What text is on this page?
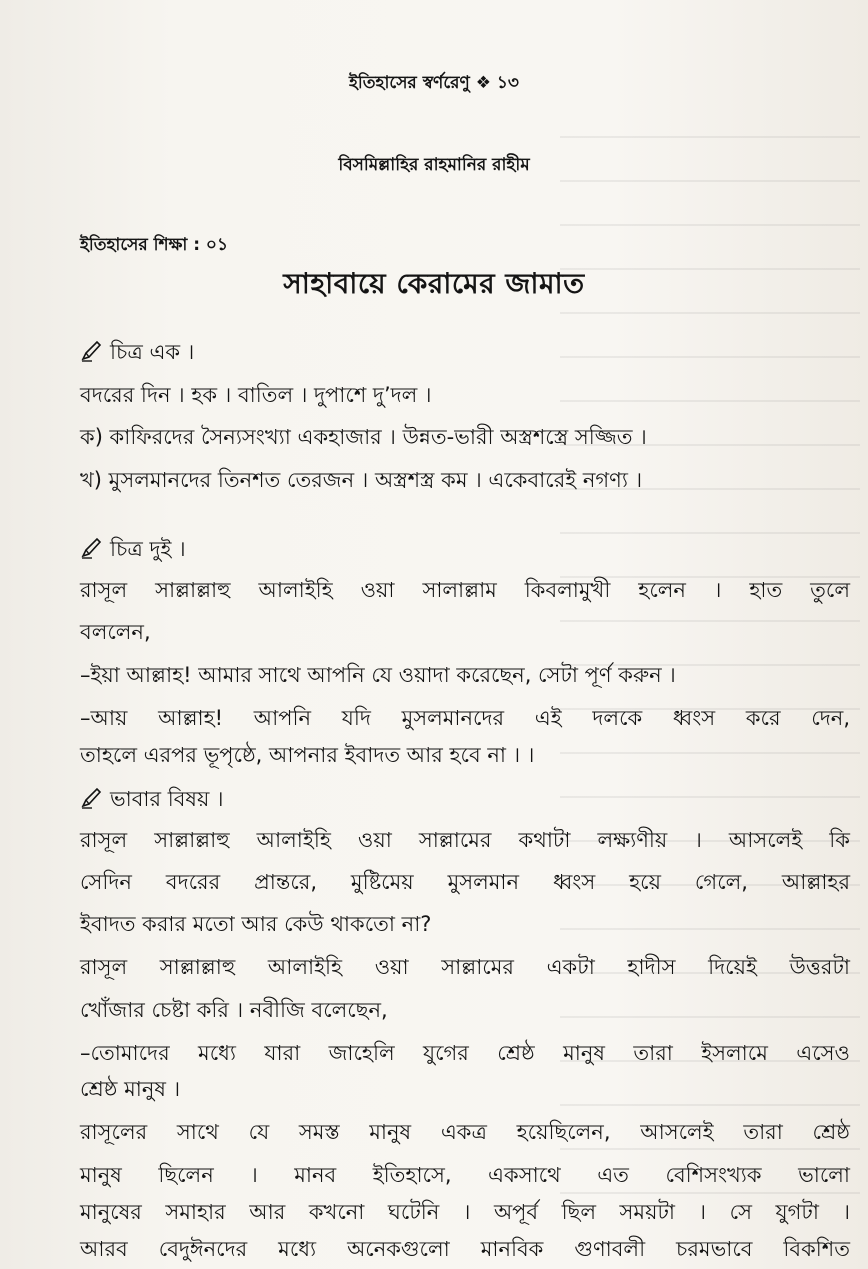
ইতিহাসের স্বর্ণরেণু ❖ ১৩
বিসমিল্লাহির রাহমানির রাহীম
ইতিহাসের শিক্ষা : ০১
সাহাবায়ে কেরামের জামাত
চিত্র এক ।
বদরের দিন । হক । বাতিল । দুপাশে দু’দল ।
ক) কাফিরদের সৈন্যসংখ্যা একহাজার । উন্নত-ভারী অস্ত্রশস্ত্রে সজ্জিত ।
খ) মুসলমানদের তিনশত তেরজন । অস্ত্রশস্ত্র কম । একেবারেই নগণ্য ।
চিত্র দুই ।
রাসূল সাল্লাল্লাহু আলাইহি ওয়া সালাল্লাম কিবলামুখী হলেন । হাত তুলে
বললেন,
–ইয়া আল্লাহ! আমার সাথে আপনি যে ওয়াদা করেছেন, সেটা পূর্ণ করুন ।
–আয় আল্লাহ! আপনি যদি মুসলমানদের এই দলকে ধ্বংস করে দেন,
তাহলে এরপর ভূপৃষ্ঠে, আপনার ইবাদত আর হবে না । ।
ভাবার বিষয় ।
রাসূল সাল্লাল্লাহু আলাইহি ওয়া সাল্লামের কথাটা লক্ষ্যণীয় । আসলেই কি
সেদিন বদরের প্রান্তরে, মুষ্টিমেয় মুসলমান ধ্বংস হয়ে গেলে, আল্লাহর
ইবাদত করার মতো আর কেউ থাকতো না?
রাসূল সাল্লাল্লাহু আলাইহি ওয়া সাল্লামের একটা হাদীস দিয়েই উত্তরটা
খোঁজার চেষ্টা করি । নবীজি বলেছেন,
–তোমাদের মধ্যে যারা জাহেলি যুগের শ্রেষ্ঠ মানুষ তারা ইসলামে এসেও
শ্রেষ্ঠ মানুষ ।
রাসূলের সাথে যে সমস্ত মানুষ একত্র হয়েছিলেন, আসলেই তারা শ্রেষ্ঠ
মানুষ ছিলেন । মানব ইতিহাসে, একসাথে এত বেশিসংখ্যক ভালো
মানুষের সমাহার আর কখনো ঘটেনি । অপূর্ব ছিল সময়টা । সে যুগটা ।
আরব বেদুঈনদের মধ্যে অনেকগুলো মানবিক গুণাবলী চরমভাবে বিকশিত
